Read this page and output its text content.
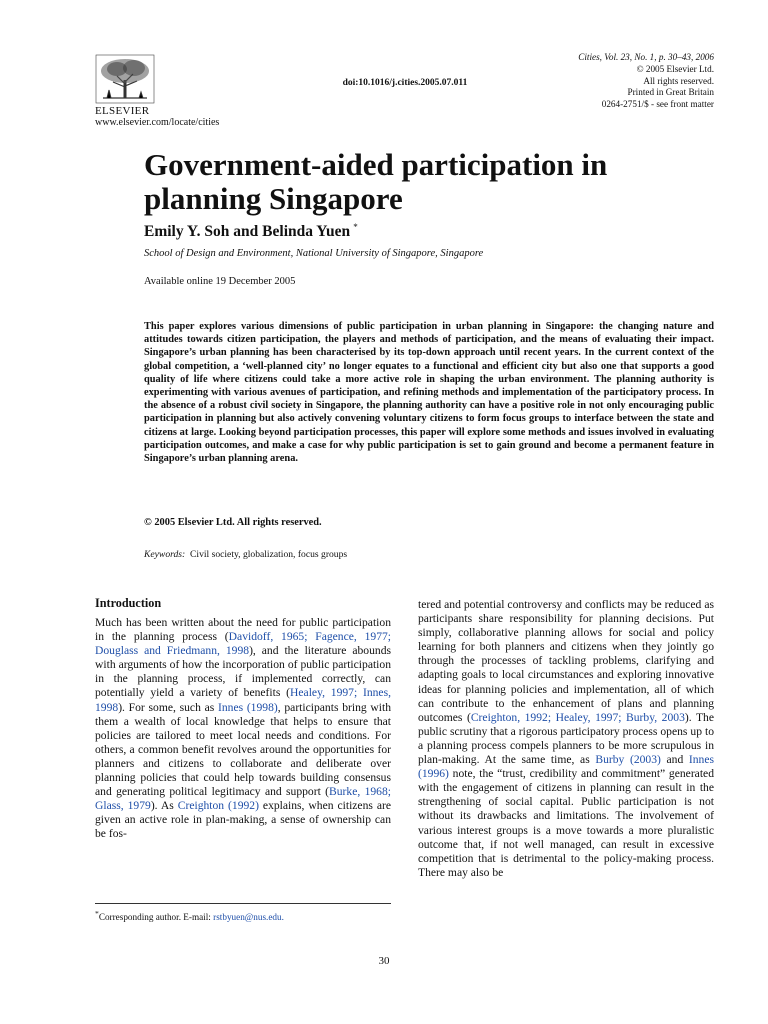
ELSEVIER
www.elsevier.com/locate/cities
doi:10.1016/j.cities.2005.07.011
Cities, Vol. 23, No. 1, p. 30–43, 2006
© 2005 Elsevier Ltd.
All rights reserved.
Printed in Great Britain
0264-2751/$ - see front matter
Government-aided participation in planning Singapore
Emily Y. Soh and Belinda Yuen *
School of Design and Environment, National University of Singapore, Singapore
Available online 19 December 2005
This paper explores various dimensions of public participation in urban planning in Singapore: the changing nature and attitudes towards citizen participation, the players and methods of participation, and the means of evaluating their impact. Singapore’s urban planning has been characterised by its top-down approach until recent years. In the current context of the global competition, a ‘well-planned city’ no longer equates to a functional and efficient city but also one that supports a good quality of life where citizens could take a more active role in shaping the urban environment. The planning authority is experimenting with various avenues of participation, and refining methods and implementation of the participatory process. In the absence of a robust civil society in Singapore, the planning authority can have a positive role in not only encouraging public participation in planning but also actively convening voluntary citizens to form focus groups to interface between the state and citizens at large. Looking beyond participation processes, this paper will explore some methods and issues involved in evaluating participation outcomes, and make a case for why public participation is set to gain ground and become a permanent feature in Singapore’s urban planning arena.
© 2005 Elsevier Ltd. All rights reserved.
Keywords: Civil society, globalization, focus groups
Introduction
Much has been written about the need for public participation in the planning process (Davidoff, 1965; Fagence, 1977; Douglass and Friedmann, 1998), and the literature abounds with arguments of how the incorporation of public participation in the planning process, if implemented correctly, can potentially yield a variety of benefits (Healey, 1997; Innes, 1998). For some, such as Innes (1998), participants bring with them a wealth of local knowledge that helps to ensure that policies are tailored to meet local needs and conditions. For others, a common benefit revolves around the opportunities for planners and citizens to collaborate and deliberate over planning policies that could help towards building consensus and generating political legitimacy and support (Burke, 1968; Glass, 1979). As Creighton (1992) explains, when citizens are given an active role in plan-making, a sense of ownership can be fos-
tered and potential controversy and conflicts may be reduced as participants share responsibility for planning decisions. Put simply, collaborative planning allows for social and policy learning for both planners and citizens when they jointly go through the processes of tackling problems, clarifying and adapting goals to local circumstances and exploring innovative ideas for planning policies and implementation, all of which can contribute to the enhancement of plans and planning outcomes (Creighton, 1992; Healey, 1997; Burby, 2003). The public scrutiny that a rigorous participatory process opens up to a planning process compels planners to be more scrupulous in plan-making. At the same time, as Burby (2003) and Innes (1996) note, the “trust, credibility and commitment” generated with the engagement of citizens in planning can result in the strengthening of social capital. Public participation is not without its drawbacks and limitations. The involvement of various interest groups is a move towards a more pluralistic outcome that, if not well managed, can result in excessive competition that is detrimental to the policy-making process. There may also be
*Corresponding author. E-mail: rstbyuen@nus.edu.
30
